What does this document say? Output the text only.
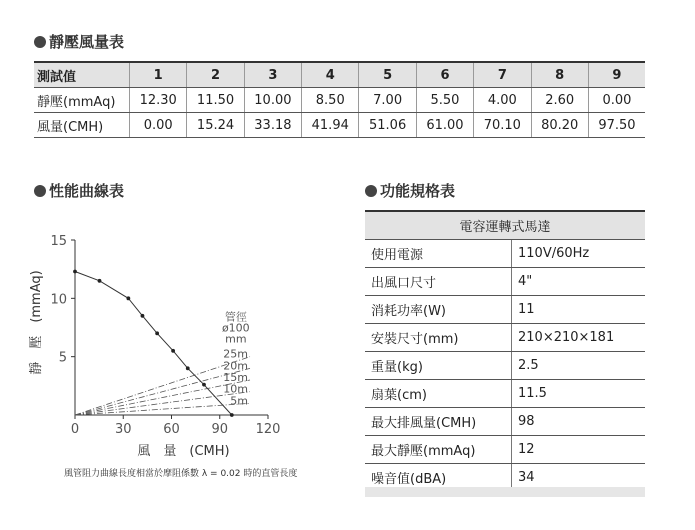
靜壓風量表
測試值	1	2	3	4	5	6	7	8	9
靜壓(mmAq)	12.30	11.50	10.00	8.50	7.00	5.50	4.00	2.60	0.00
風量(CMH)	0.00	15.24	33.18	41.94	51.06	61.00	70.10	80.20	97.50
性能曲線表
5
10
15
0	30 60 90 120
風　量　(CMH)
靜　壓　(mmAq)	25m
20m
15m
10m
5m
管徑 ø100 mm
風管阻力曲線長度相當於摩阻係數 λ = 0.02 時的直管長度
功能規格表
電容運轉式馬達	
使用電源	110V/60Hz
出風口尺寸	4"
消耗功率(W)	11
安裝尺寸(mm)	210×210×181
重量(kg)	2.5
扇葉(cm)	11.5
最大排風量(CMH)	98
最大靜壓(mmAq)	12
噪音值(dBA)	34
